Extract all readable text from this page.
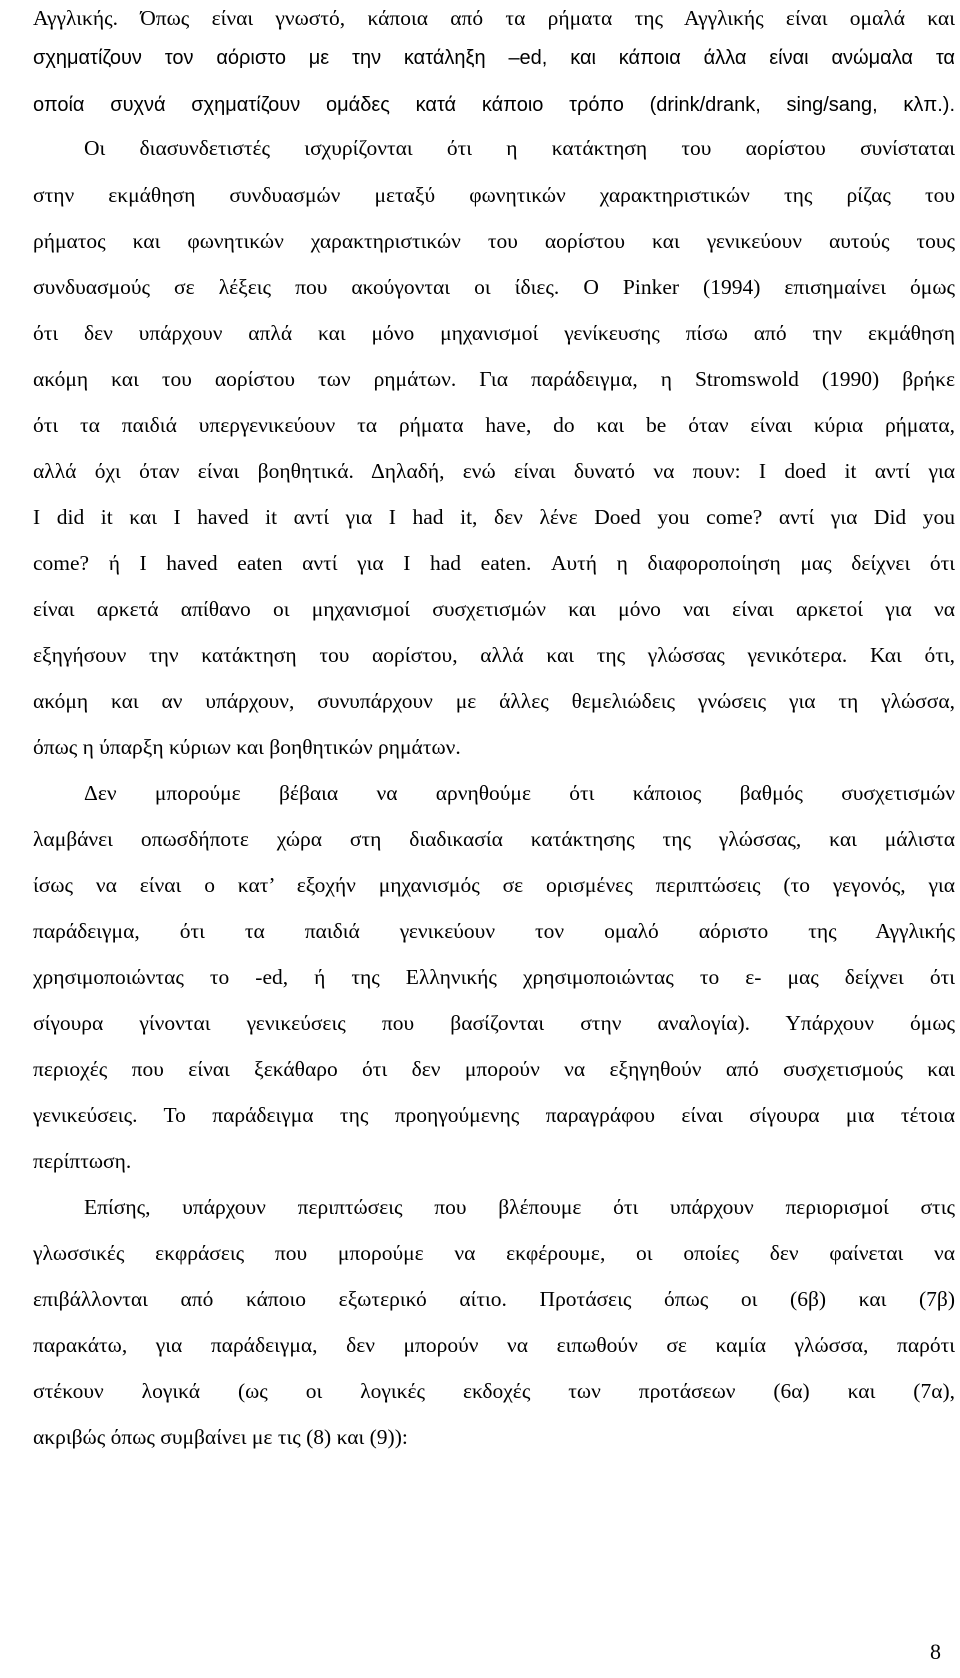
Αγγλικής. Όπως είναι γνωστό, κάποια από τα ρήματα της Αγγλικής είναι ομαλά και
σχηματίζουν τον αόριστο με την κατάληξη –ed, και κάποια άλλα είναι ανώμαλα τα
οποία συχνά σχηματίζουν ομάδες κατά κάποιο τρόπο (drink/drank, sing/sang, κλπ.).
Οι διασυνδετιστές ισχυρίζονται ότι η κατάκτηση του αορίστου συνίσταται
στην εκμάθηση συνδυασμών μεταξύ φωνητικών χαρακτηριστικών της ρίζας του
ρήματος και φωνητικών χαρακτηριστικών του αορίστου και γενικεύουν αυτούς τους
συνδυασμούς σε λέξεις που ακούγονται οι ίδιες. Ο Pinker (1994) επισημαίνει όμως
ότι δεν υπάρχουν απλά και μόνο μηχανισμοί γενίκευσης πίσω από την εκμάθηση
ακόμη και του αορίστου των ρημάτων. Για παράδειγμα, η Stromswold (1990) βρήκε
ότι τα παιδιά υπεργενικεύουν τα ρήματα have, do και be όταν είναι κύρια ρήματα,
αλλά όχι όταν είναι βοηθητικά. Δηλαδή, ενώ είναι δυνατό να πουν: I doed it αντί για
I did it και I haved it αντί για I had it, δεν λένε Doed you come? αντί για Did you
come? ή I haved eaten αντί για I had eaten. Αυτή η διαφοροποίηση μας δείχνει ότι
είναι αρκετά απίθανο οι μηχανισμοί συσχετισμών και μόνο ναι είναι αρκετοί για να
εξηγήσουν την κατάκτηση του αορίστου, αλλά και της γλώσσας γενικότερα. Και ότι,
ακόμη και αν υπάρχουν, συνυπάρχουν με άλλες θεμελιώδεις γνώσεις για τη γλώσσα,
όπως η ύπαρξη κύριων και βοηθητικών ρημάτων.
Δεν μπορούμε βέβαια να αρνηθούμε ότι κάποιος βαθμός συσχετισμών
λαμβάνει οπωσδήποτε χώρα στη διαδικασία κατάκτησης της γλώσσας, και μάλιστα
ίσως να είναι ο κατ’ εξοχήν μηχανισμός σε ορισμένες περιπτώσεις (το γεγονός, για
παράδειγμα, ότι τα παιδιά γενικεύουν τον ομαλό αόριστο της Αγγλικής
χρησιμοποιώντας το -ed, ή της Ελληνικής χρησιμοποιώντας το ε- μας δείχνει ότι
σίγουρα γίνονται γενικεύσεις που βασίζονται στην αναλογία). Υπάρχουν όμως
περιοχές που είναι ξεκάθαρο ότι δεν μπορούν να εξηγηθούν από συσχετισμούς και
γενικεύσεις. Το παράδειγμα της προηγούμενης παραγράφου είναι σίγουρα μια τέτοια
περίπτωση.
Επίσης, υπάρχουν περιπτώσεις που βλέπουμε ότι υπάρχουν περιορισμοί στις
γλωσσικές εκφράσεις που μπορούμε να εκφέρουμε, οι οποίες δεν φαίνεται να
επιβάλλονται από κάποιο εξωτερικό αίτιο. Προτάσεις όπως οι (6β) και (7β)
παρακάτω, για παράδειγμα, δεν μπορούν να ειπωθούν σε καμία γλώσσα, παρότι
στέκουν λογικά (ως οι λογικές εκδοχές των προτάσεων (6α) και (7α),
ακριβώς όπως συμβαίνει με τις (8) και (9)):
8
